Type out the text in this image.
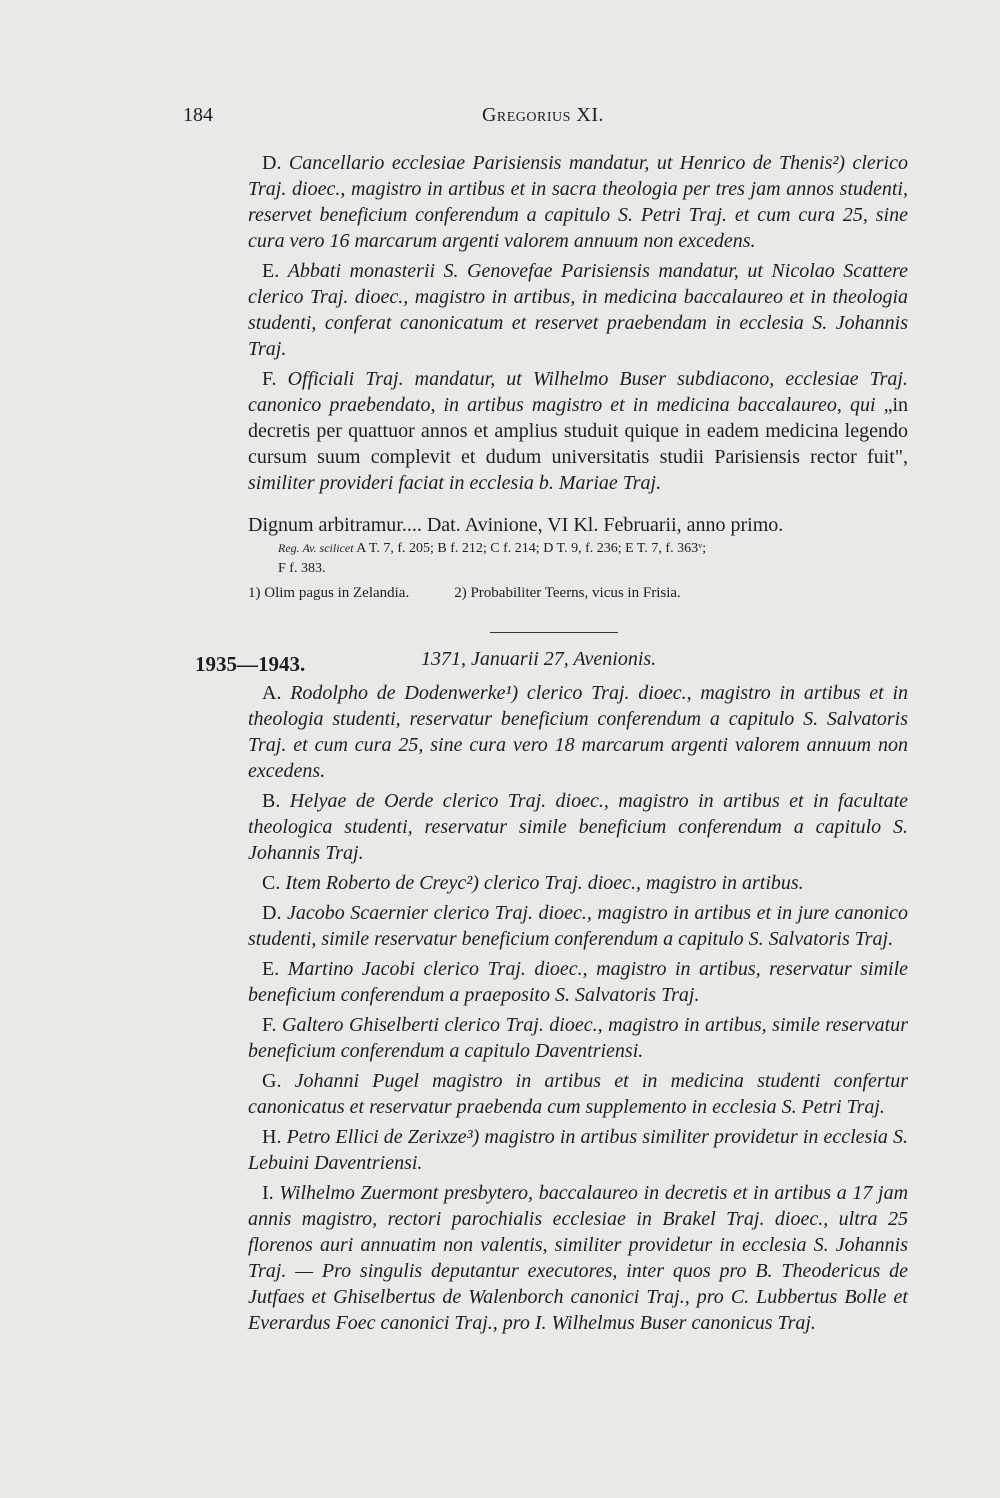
184	Gregorius XI.

D. Cancellario ecclesiae Parisiensis mandatur, ut Henrico de Thenis²) clerico Traj. dioec., magistro in artibus et in sacra theologia per tres jam annos studenti, reservet beneficium conferendum a capitulo S. Petri Traj. et cum cura 25, sine cura vero 16 marcarum argenti valorem annuum non excedens.

E. Abbati monasterii S. Genovefae Parisiensis mandatur, ut Nicolao Scattere clerico Traj. dioec., magistro in artibus, in medicina baccalaureo et in theologia studenti, conferat canonicatum et reservet praebendam in ecclesia S. Johannis Traj.

F. Officiali Traj. mandatur, ut Wilhelmo Buser subdiacono, ecclesiae Traj. canonico praebendato, in artibus magistro et in medicina baccalaureo, qui „in decretis per quattuor annos et amplius studuit quique in eadem medicina legendo cursum suum complevit et dudum universitatis studii Parisiensis rector fuit", similiter provideri faciat in ecclesia b. Mariae Traj.

Dignum arbitramur.... Dat. Avinione, VI Kl. Februarii, anno primo.
Reg. Av. scilicet A T. 7, f. 205; B f. 212; C f. 214; D T. 9, f. 236; E T. 7, f. 363ᵛ;
F f. 383.
1) Olim pagus in Zelandia.	2) Probabiliter Teerns, vicus in Frisia.
1935—1943.	1371, Januarii 27, Avenionis.

A. Rodolpho de Dodenwerke¹) clerico Traj. dioec., magistro in artibus et in theologia studenti, reservatur beneficium conferendum a capitulo S. Salvatoris Traj. et cum cura 25, sine cura vero 18 marcarum argenti valorem annuum non excedens.

B. Helyae de Oerde clerico Traj. dioec., magistro in artibus et in facultate theologica studenti, reservatur simile beneficium conferendum a capitulo S. Johannis Traj.

C. Item Roberto de Creyc²) clerico Traj. dioec., magistro in artibus.

D. Jacobo Scaernier clerico Traj. dioec., magistro in artibus et in jure canonico studenti, simile reservatur beneficium conferendum a capitulo S. Salvatoris Traj.

E. Martino Jacobi clerico Traj. dioec., magistro in artibus, reservatur simile beneficium conferendum a praeposito S. Salvatoris Traj.

F. Galtero Ghiselberti clerico Traj. dioec., magistro in artibus, simile reservatur beneficium conferendum a capitulo Daventriensi.

G. Johanni Pugel magistro in artibus et in medicina studenti confertur canonicatus et reservatur praebenda cum supplemento in ecclesia S. Petri Traj.

H. Petro Ellici de Zerixze³) magistro in artibus similiter providetur in ecclesia S. Lebuini Daventriensi.

I. Wilhelmo Zuermont presbytero, baccalaureo in decretis et in artibus a 17 jam annis magistro, rectori parochialis ecclesiae in Brakel Traj. dioec., ultra 25 florenos auri annuatim non valentis, similiter providetur in ecclesia S. Johannis Traj. — Pro singulis deputantur executores, inter quos pro B. Theodericus de Jutfaes et Ghiselbertus de Walenborch canonici Traj., pro C. Lubbertus Bolle et Everardus Foec canonici Traj., pro I. Wilhelmus Buser canonicus Traj.
